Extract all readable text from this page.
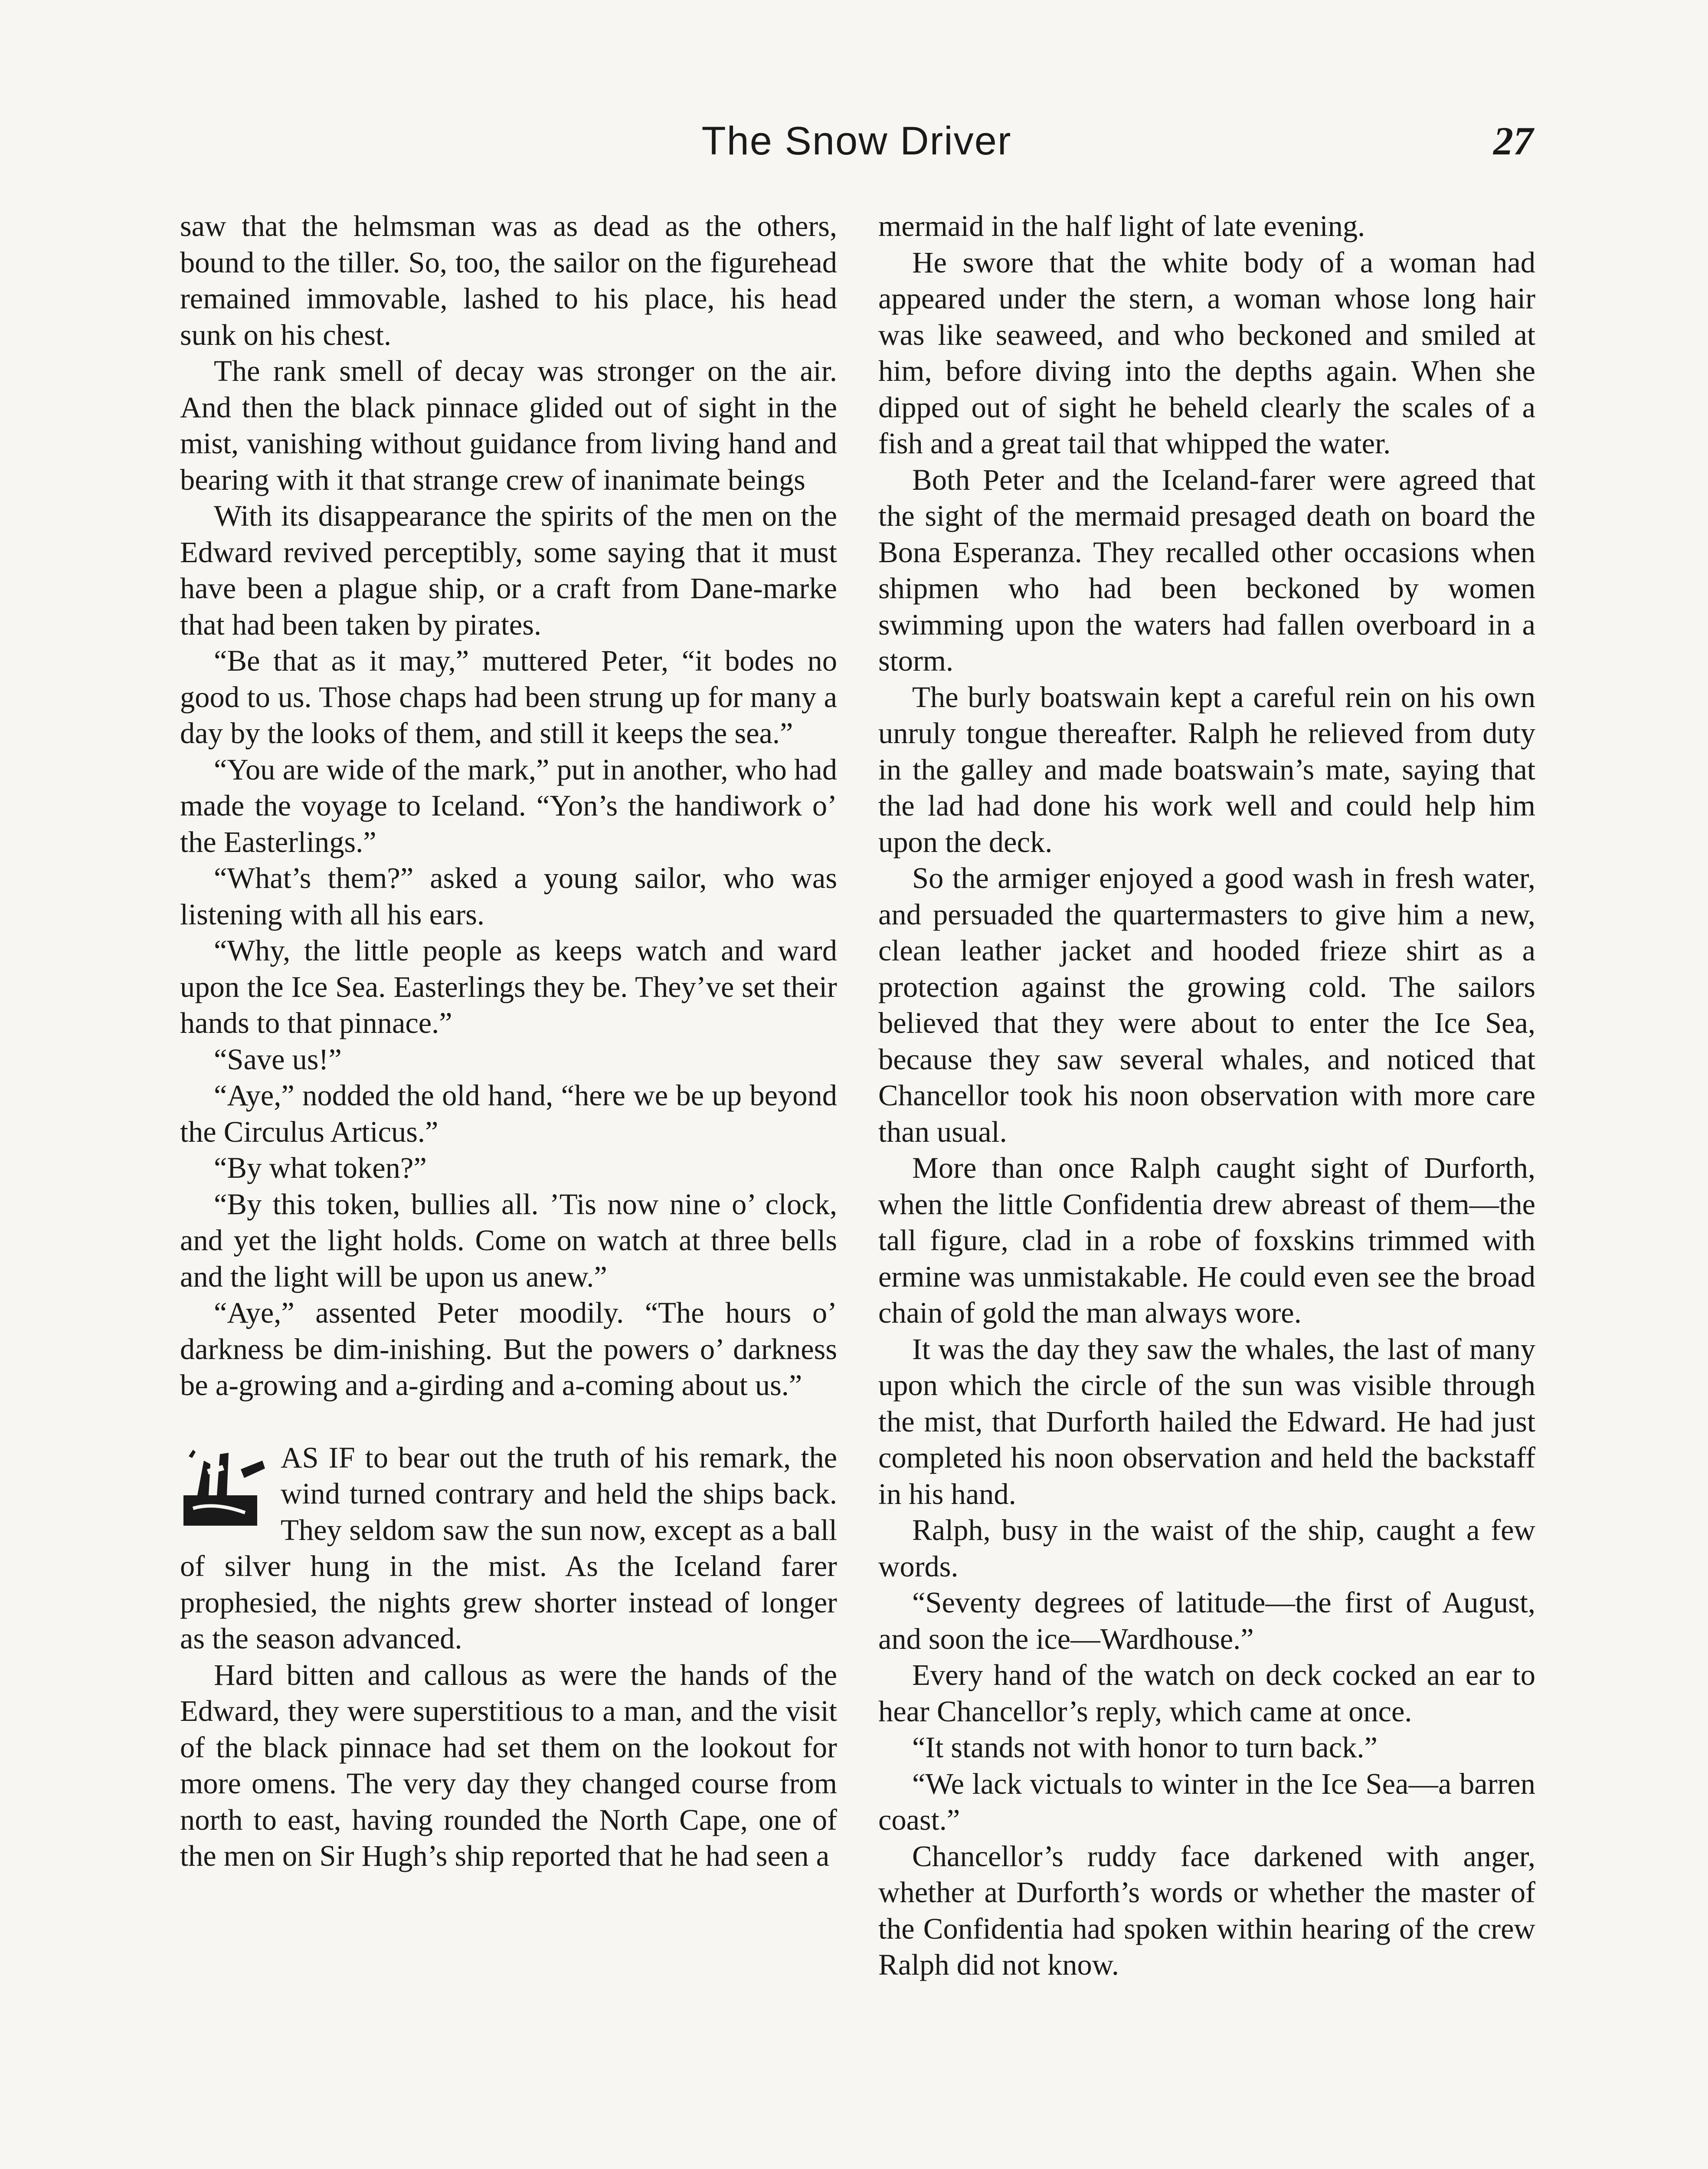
The Snow Driver	27

saw that the helmsman was as dead as the others, bound to the tiller. So, too, the sailor on the figurehead remained immovable, lashed to his place, his head sunk on his chest.

The rank smell of decay was stronger on the air. And then the black pinnace glided out of sight in the mist, vanishing without guidance from living hand and bearing with it that strange crew of inanimate beings

With its disappearance the spirits of the men on the Edward revived perceptibly, some saying that it must have been a plague ship, or a craft from Dane-marke that had been taken by pirates.

“Be that as it may,” muttered Peter, “it bodes no good to us. Those chaps had been strung up for many a day by the looks of them, and still it keeps the sea.”

“You are wide of the mark,” put in another, who had made the voyage to Iceland. “Yon’s the handiwork o’ the Easterlings.”

“What’s them?” asked a young sailor, who was listening with all his ears.

“Why, the little people as keeps watch and ward upon the Ice Sea. Easterlings they be. They’ve set their hands to that pinnace.”

“Save us!”

“Aye,” nodded the old hand, “here we be up beyond the Circulus Articus.”

“By what token?”

“By this token, bullies all. ’Tis now nine o’ clock, and yet the light holds. Come on watch at three bells and the light will be upon us anew.”

“Aye,” assented Peter moodily. “The hours o’ darkness be dim-inishing. But the powers o’ darkness be a-growing and a-girding and a-coming about us.”

AS IF to bear out the truth of his remark, the wind turned contrary and held the ships back. They seldom saw the sun now, except as a ball of silver hung in the mist. As the Iceland farer prophesied, the nights grew shorter instead of longer as the season advanced.

Hard bitten and callous as were the hands of the Edward, they were superstitious to a man, and the visit of the black pinnace had set them on the lookout for more omens. The very day they changed course from north to east, having rounded the North Cape, one of the men on Sir Hugh’s ship reported that he had seen a

mermaid in the half light of late evening.

He swore that the white body of a woman had appeared under the stern, a woman whose long hair was like seaweed, and who beckoned and smiled at him, before diving into the depths again. When she dipped out of sight he beheld clearly the scales of a fish and a great tail that whipped the water.

Both Peter and the Iceland-farer were agreed that the sight of the mermaid presaged death on board the Bona Esperanza. They recalled other occasions when shipmen who had been beckoned by women swimming upon the waters had fallen overboard in a storm.

The burly boatswain kept a careful rein on his own unruly tongue thereafter. Ralph he relieved from duty in the galley and made boatswain’s mate, saying that the lad had done his work well and could help him upon the deck.

So the armiger enjoyed a good wash in fresh water, and persuaded the quartermasters to give him a new, clean leather jacket and hooded frieze shirt as a protection against the growing cold. The sailors believed that they were about to enter the Ice Sea, because they saw several whales, and noticed that Chancellor took his noon observation with more care than usual.

More than once Ralph caught sight of Durforth, when the little Confidentia drew abreast of them—the tall figure, clad in a robe of foxskins trimmed with ermine was unmistakable. He could even see the broad chain of gold the man always wore.

It was the day they saw the whales, the last of many upon which the circle of the sun was visible through the mist, that Durforth hailed the Edward. He had just completed his noon observation and held the backstaff in his hand.

Ralph, busy in the waist of the ship, caught a few words.

“Seventy degrees of latitude—the first of August, and soon the ice—Wardhouse.”

Every hand of the watch on deck cocked an ear to hear Chancellor’s reply, which came at once.

“It stands not with honor to turn back.”

“We lack victuals to winter in the Ice Sea—a barren coast.”

Chancellor’s ruddy face darkened with anger, whether at Durforth’s words or whether the master of the Confidentia had spoken within hearing of the crew Ralph did not know.
